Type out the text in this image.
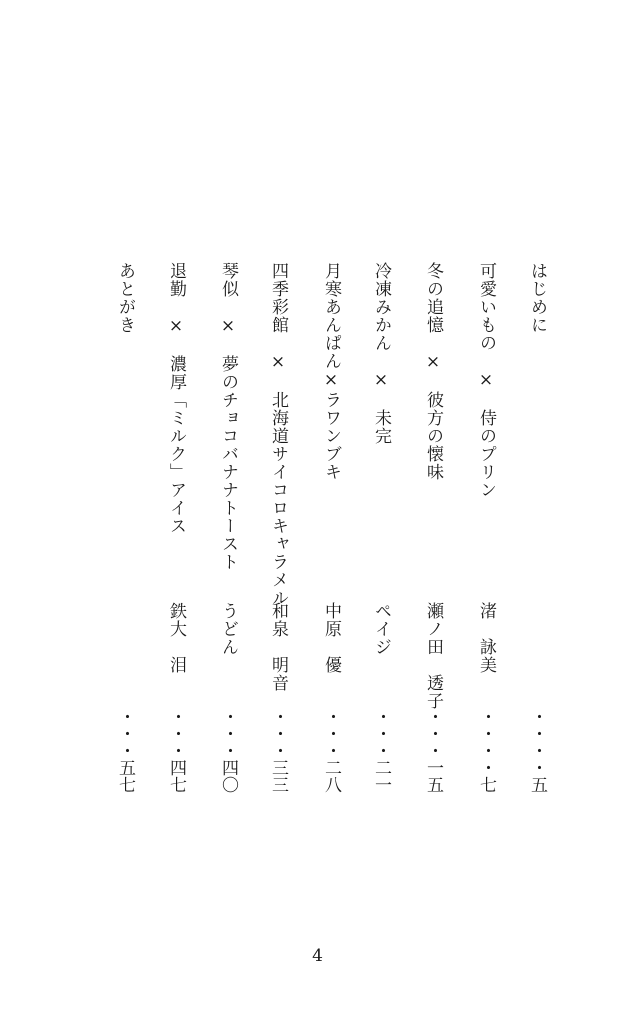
はじめに
・・・・五
可愛いもの　×　侍のプリン
渚　詠美
・・・・七
冬の追憶　×　彼方の懐味
瀬ノ田　透子
・・・一五
冷凍みかん　×　未完
ペイジ
・・・二一
月寒あんぱん×ラワンブキ
中原　優
・・・二八
四季彩館　×　北海道サイコロキャラメル
和泉　明音
・・・三三
琴似　×　夢のチョコバナナトースト
うどん
・・・四〇
退勤　×　濃厚「ミルク」アイス
鉄大　泪
・・・四七
あとがき
・・・五七
4
